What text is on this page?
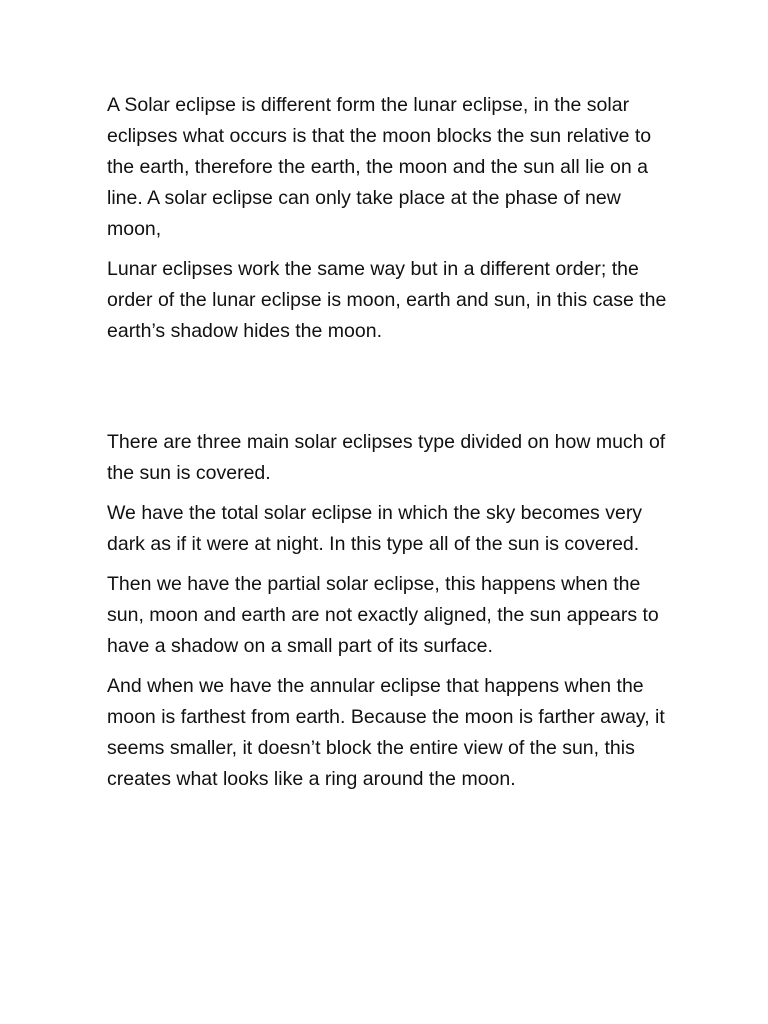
A Solar eclipse is different form the lunar eclipse, in the solar eclipses what occurs is that the moon blocks the sun relative to the earth, therefore the earth, the moon and the sun all lie on a line. A solar eclipse can only take place at the phase of new moon,

Lunar eclipses work the same way but in a different order; the order of the lunar eclipse is moon, earth and sun, in this case the earth’s shadow hides the moon.

There are three main solar eclipses type divided on how much of the sun is covered.

We have the total solar eclipse in which the sky becomes very dark as if it were at night. In this type all of the sun is covered.

Then we have the partial solar eclipse, this happens when the sun, moon and earth are not exactly aligned, the sun appears to have a shadow on a small part of its surface.

And when we have the annular eclipse that happens when the moon is farthest from earth. Because the moon is farther away, it seems smaller, it doesn’t block the entire view of the sun, this creates what looks like a ring around the moon.
